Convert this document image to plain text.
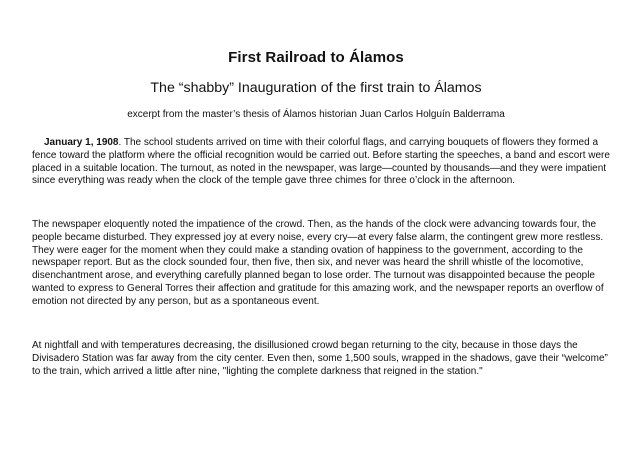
First Railroad to Álamos
The “shabby” Inauguration of the first train to Álamos
excerpt from the master’s thesis of Álamos historian Juan Carlos Holguín Balderrama

January 1, 1908. The school students arrived on time with their colorful flags, and carrying bouquets of flowers they formed a fence toward the platform where the official recognition would be carried out. Before starting the speeches, a band and escort were placed in a suitable location. The turnout, as noted in the newspaper, was large—counted by thousands—and they were impatient since everything was ready when the clock of the temple gave three chimes for three o’clock in the afternoon.

The newspaper eloquently noted the impatience of the crowd. Then, as the hands of the clock were advancing towards four, the people became disturbed. They expressed joy at every noise, every cry—at every false alarm, the contingent grew more restless. They were eager for the moment when they could make a standing ovation of happiness to the government, according to the newspaper report. But as the clock sounded four, then five, then six, and never was heard the shrill whistle of the locomotive, disenchantment arose, and everything carefully planned began to lose order. The turnout was disappointed because the people wanted to express to General Torres their affection and gratitude for this amazing work, and the newspaper reports an overflow of emotion not directed by any person, but as a spontaneous event.

At nightfall and with temperatures decreasing, the disillusioned crowd began returning to the city, because in those days the Divisadero Station was far away from the city center. Even then, some 1,500 souls, wrapped in the shadows, gave their “welcome” to the train, which arrived a little after nine, "lighting the complete darkness that reigned in the station."
